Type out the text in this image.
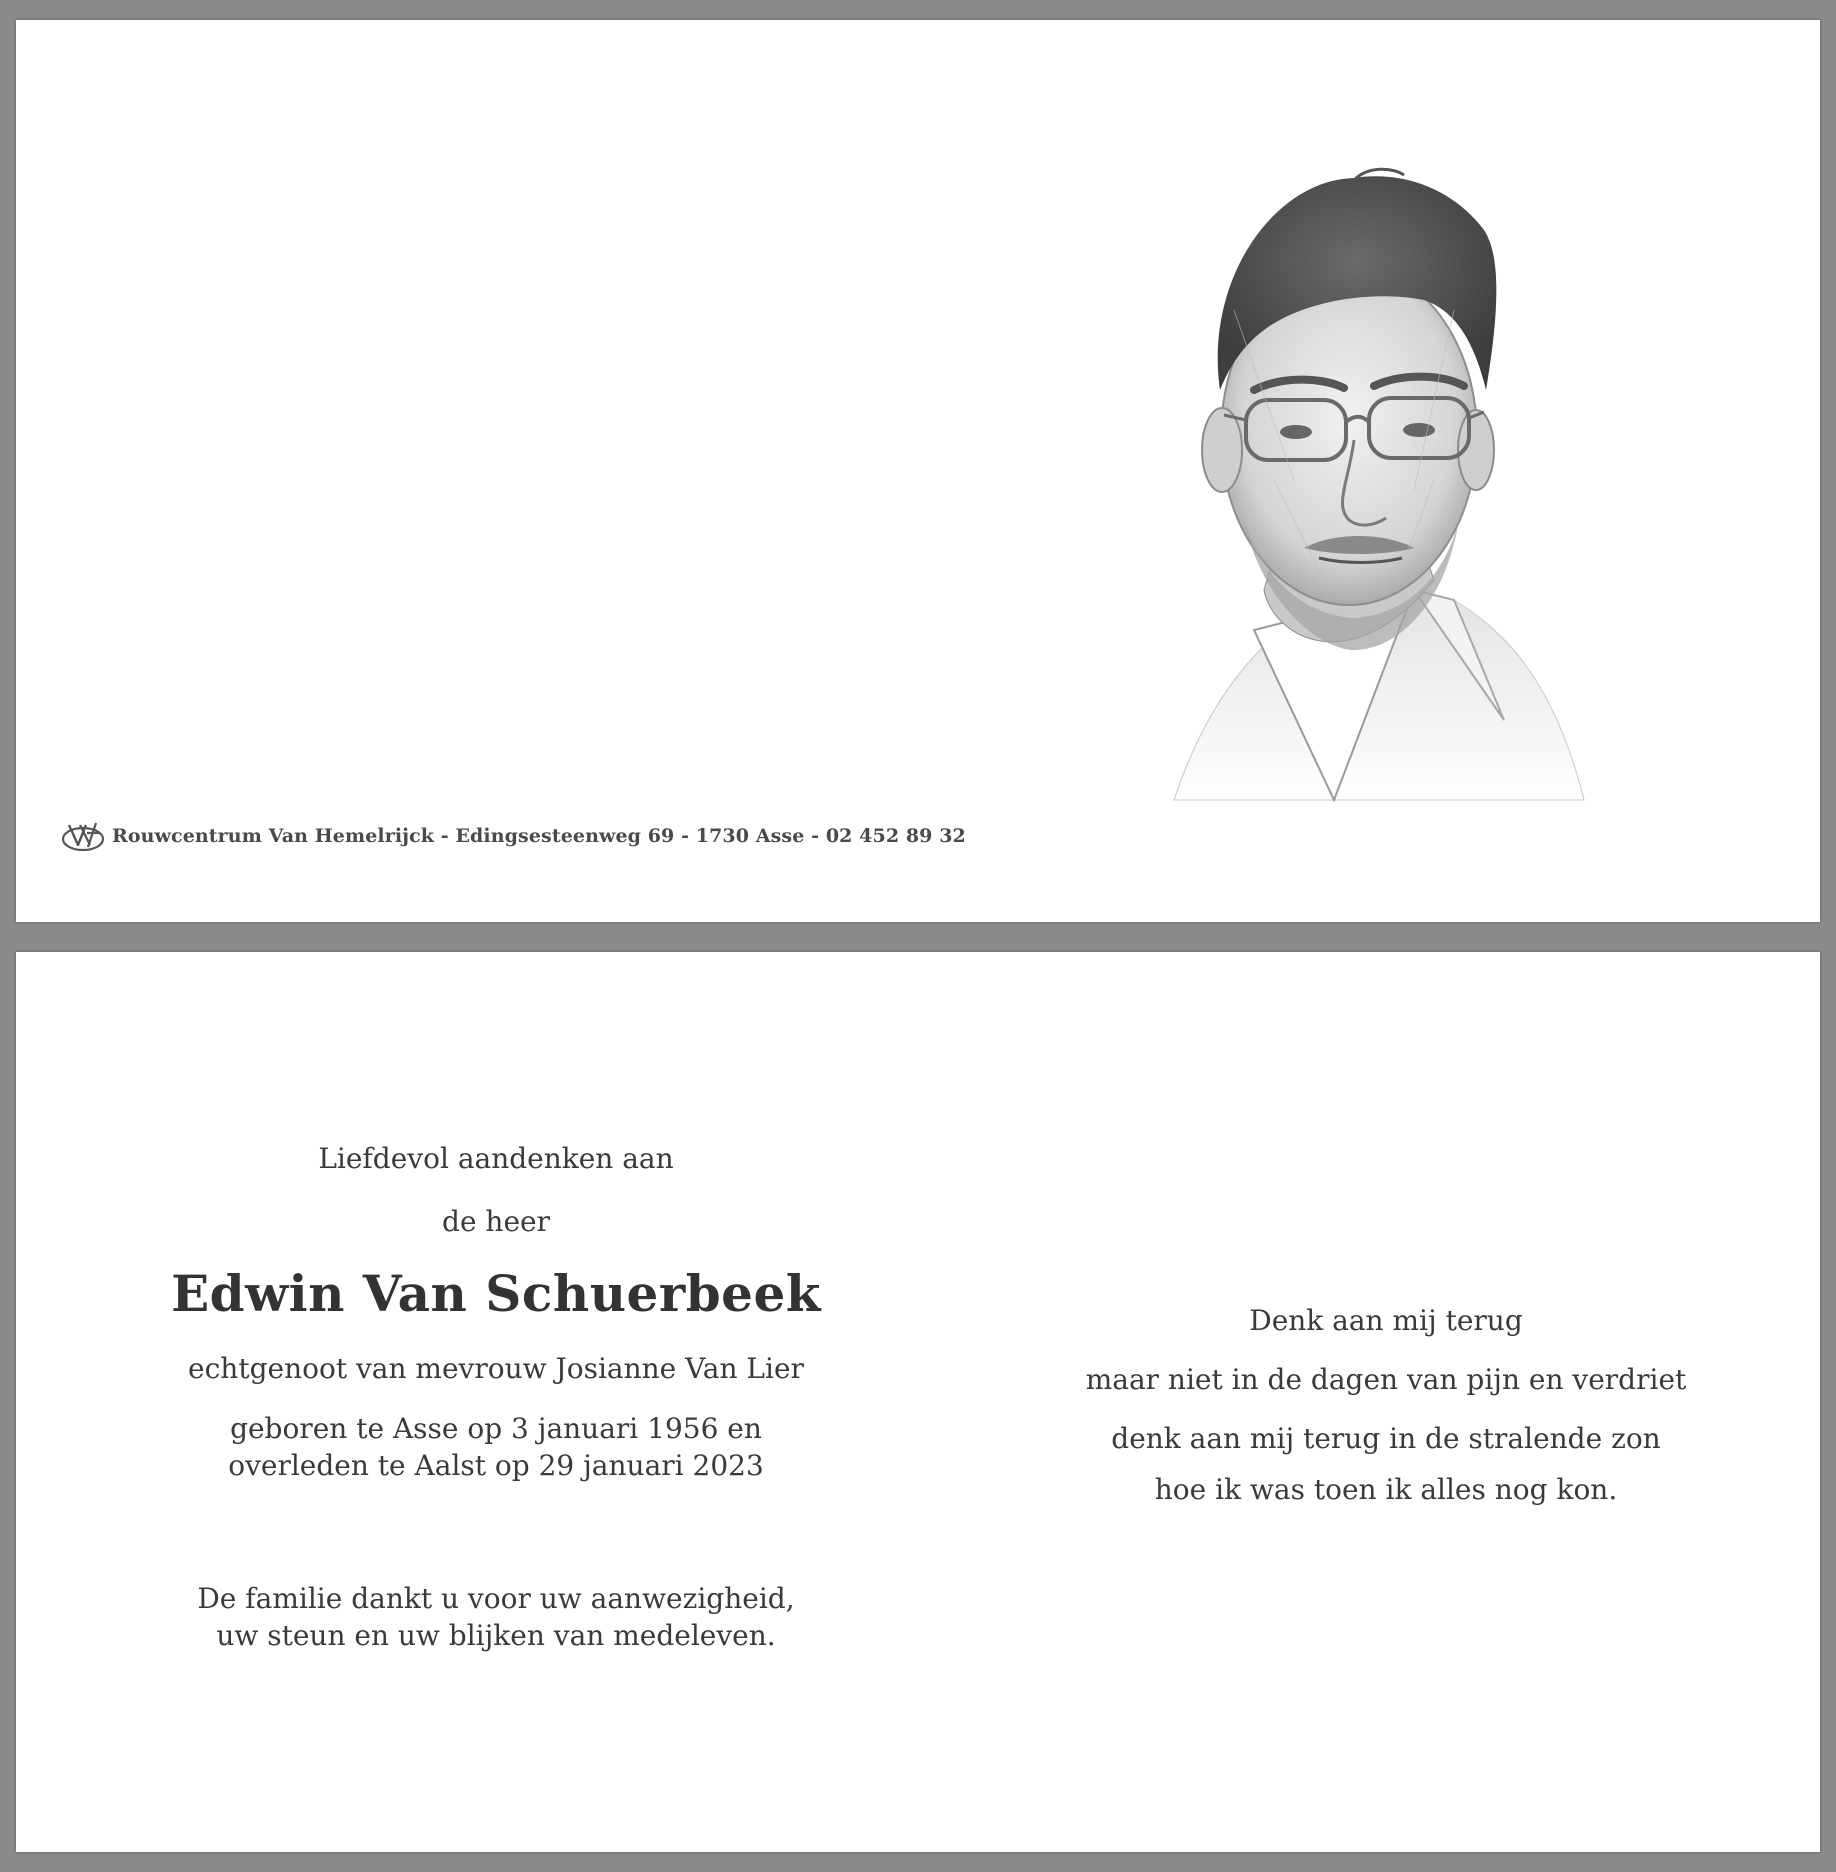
Rouwcentrum Van Hemelrijck - Edingsesteenweg 69 - 1730 Asse - 02 452 89 32
Liefdevol aandenken aan
de heer
Edwin Van Schuerbeek
echtgenoot van mevrouw Josianne Van Lier
geboren te Asse op 3 januari 1956 en
overleden te Aalst op 29 januari 2023
De familie dankt u voor uw aanwezigheid,
uw steun en uw blijken van medeleven.
Denk aan mij terug
maar niet in de dagen van pijn en verdriet
denk aan mij terug in de stralende zon
hoe ik was toen ik alles nog kon.
